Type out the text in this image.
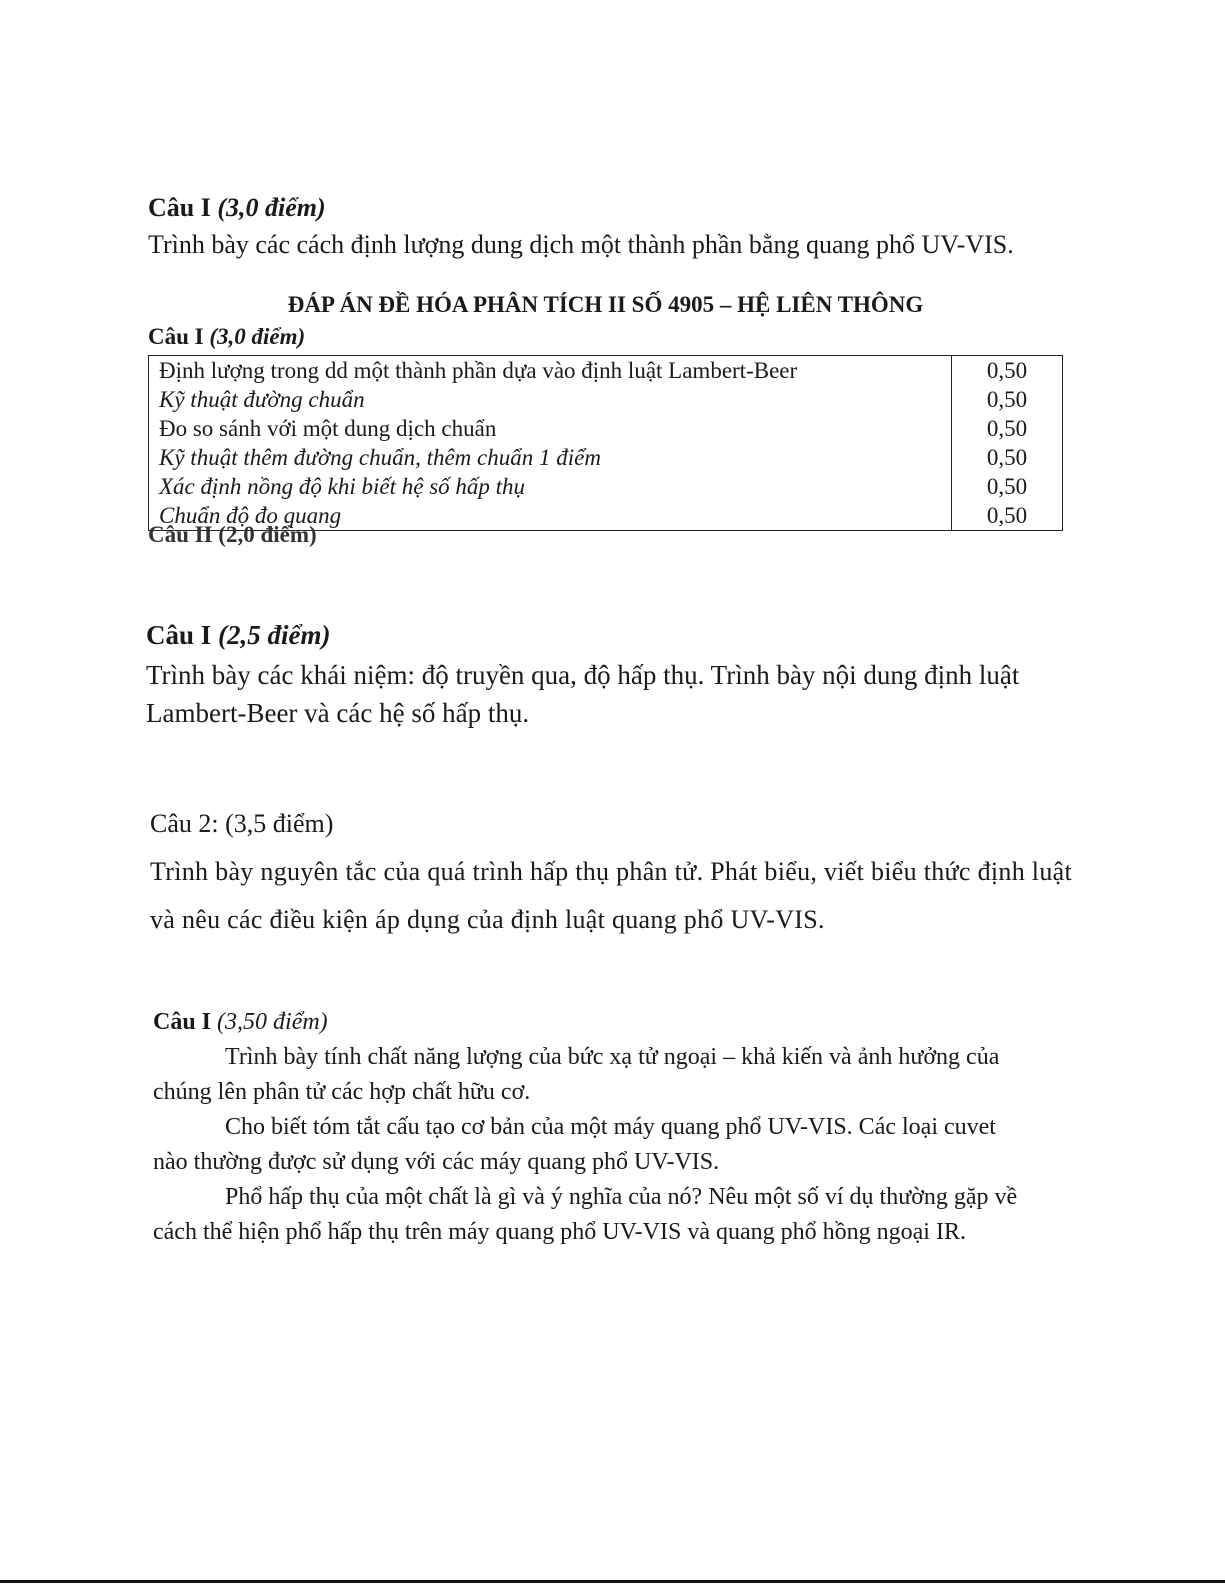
Câu I (3,0 điểm)
Trình bày các cách định lượng dung dịch một thành phần bằng quang phổ UV-VIS.
ĐÁP ÁN ĐỀ HÓA PHÂN TÍCH II SỐ 4905 – HỆ LIÊN THÔNG
Câu I (3,0 điểm)
Định lượng trong dd một thành phần dựa vào định luật Lambert-Beer	0,50
Kỹ thuật đường chuẩn	0,50
Đo so sánh với một dung dịch chuẩn	0,50
Kỹ thuật thêm đường chuẩn, thêm chuẩn 1 điểm	0,50
Xác định nồng độ khi biết hệ số hấp thụ	0,50
Chuẩn độ đo quang	0,50
Câu II (2,0 điểm)
Câu I (2,5 điểm)
Trình bày các khái niệm: độ truyền qua, độ hấp thụ. Trình bày nội dung định luật Lambert-Beer và các hệ số hấp thụ.
Câu 2: (3,5 điểm)
Trình bày nguyên tắc của quá trình hấp thụ phân tử. Phát biểu, viết biểu thức định luật và nêu các điều kiện áp dụng của định luật quang phổ UV-VIS.
Câu I (3,50 điểm)

Trình bày tính chất năng lượng của bức xạ tử ngoại – khả kiến và ảnh hưởng của chúng lên phân tử các hợp chất hữu cơ.

Cho biết tóm tắt cấu tạo cơ bản của một máy quang phổ UV-VIS. Các loại cuvet nào thường được sử dụng với các máy quang phổ UV-VIS.

Phổ hấp thụ của một chất là gì và ý nghĩa của nó? Nêu một số ví dụ thường gặp về cách thể hiện phổ hấp thụ trên máy quang phổ UV-VIS và quang phổ hồng ngoại IR.
